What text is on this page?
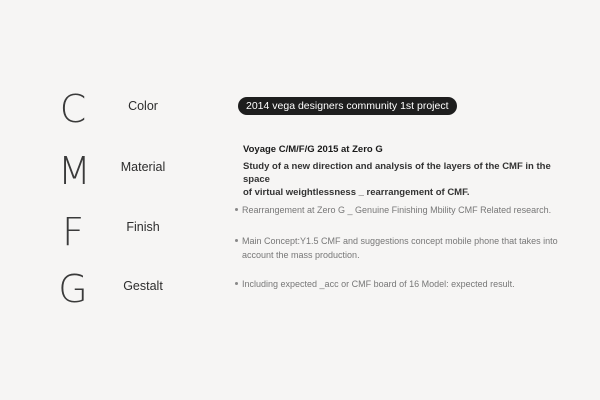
C
M
F
G
Color
Material
Finish
Gestalt
2014 vega designers community 1st project
Voyage C/M/F/G 2015 at Zero G
Study of a new direction and analysis of the layers of the CMF in the space
of virtual weightlessness _ rearrangement of CMF.
Rearrangement at Zero G _ Genuine Finishing Mbility CMF Related research.
Main Concept:Y1.5 CMF and suggestions concept mobile phone that takes into
account the mass production.
Including expected _acc or CMF board of 16 Model: expected result.
